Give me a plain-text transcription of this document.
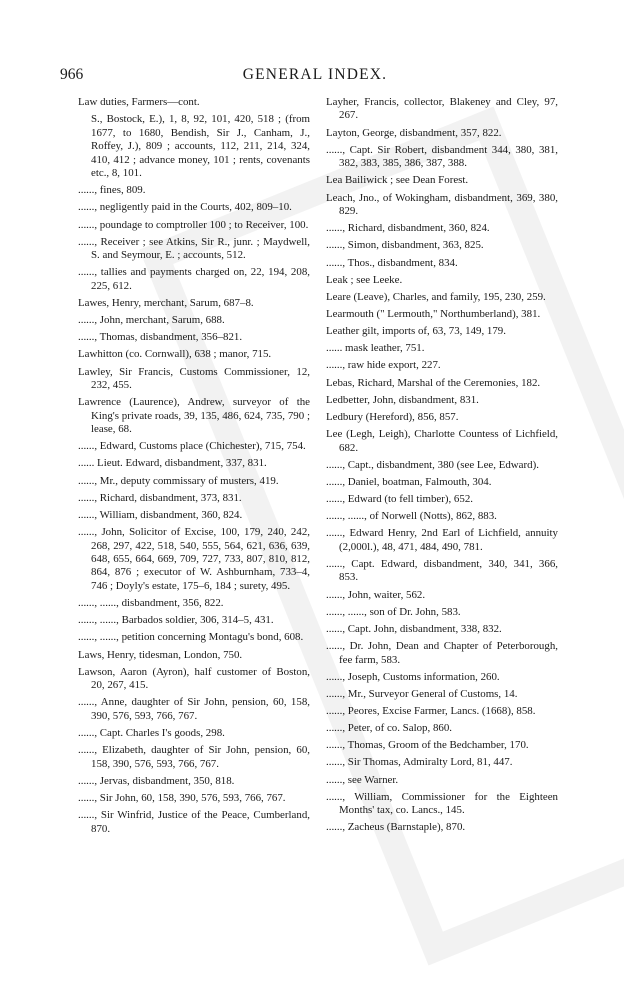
966	GENERAL INDEX.

Law duties, Farmers—cont.

S., Bostock, E.), 1, 8, 92, 101, 420, 518 ; (from 1677, to 1680, Bendish, Sir J., Canham, J., Roffey, J.), 809 ; accounts, 112, 211, 214, 324, 410, 412 ; advance money, 101 ; rents, covenants etc., 8, 101.

......, fines, 809.

......, negligently paid in the Courts, 402, 809–10.

......, poundage to comptroller 100 ; to Receiver, 100.

......, Receiver ; see Atkins, Sir R., junr. ; Maydwell, S. and Seymour, E. ; accounts, 512.

......, tallies and payments charged on, 22, 194, 208, 225, 612.

Lawes, Henry, merchant, Sarum, 687–8.

......, John, merchant, Sarum, 688.

......, Thomas, disbandment, 356–821.

Lawhitton (co. Cornwall), 638 ; manor, 715.

Lawley, Sir Francis, Customs Commissioner, 12, 232, 455.

Lawrence (Laurence), Andrew, surveyor of the King's private roads, 39, 135, 486, 624, 735, 790 ; lease, 68.

......, Edward, Customs place (Chichester), 715, 754.

...... Lieut. Edward, disbandment, 337, 831.

......, Mr., deputy commissary of musters, 419.

......, Richard, disbandment, 373, 831.

......, William, disbandment, 360, 824.

......, John, Solicitor of Excise, 100, 179, 240, 242, 268, 297, 422, 518, 540, 555, 564, 621, 636, 639, 648, 655, 664, 669, 709, 727, 733, 807, 810, 812, 864, 876 ; executor of W. Ashburnham, 733–4, 746 ; Doyly's estate, 175–6, 184 ; surety, 495.

......, ......, disbandment, 356, 822.

......, ......, Barbados soldier, 306, 314–5, 431.

......, ......, petition concerning Montagu's bond, 608.

Laws, Henry, tidesman, London, 750.

Lawson, Aaron (Ayron), half customer of Boston, 20, 267, 415.

......, Anne, daughter of Sir John, pension, 60, 158, 390, 576, 593, 766, 767.

......, Capt. Charles I's goods, 298.

......, Elizabeth, daughter of Sir John, pension, 60, 158, 390, 576, 593, 766, 767.

......, Jervas, disbandment, 350, 818.

......, Sir John, 60, 158, 390, 576, 593, 766, 767.

......, Sir Winfrid, Justice of the Peace, Cumberland, 870.

Layher, Francis, collector, Blakeney and Cley, 97, 267.

Layton, George, disbandment, 357, 822.

......, Capt. Sir Robert, disbandment 344, 380, 381, 382, 383, 385, 386, 387, 388.

Lea Bailiwick ; see Dean Forest.

Leach, Jno., of Wokingham, disbandment, 369, 380, 829.

......, Richard, disbandment, 360, 824.

......, Simon, disbandment, 363, 825.

......, Thos., disbandment, 834.

Leak ; see Leeke.

Leare (Leave), Charles, and family, 195, 230, 259.

Learmouth (" Lermouth," Northumberland), 381.

Leather gilt, imports of, 63, 73, 149, 179.

...... mask leather, 751.

......, raw hide export, 227.

Lebas, Richard, Marshal of the Ceremonies, 182.

Ledbetter, John, disbandment, 831.

Ledbury (Hereford), 856, 857.

Lee (Legh, Leigh), Charlotte Countess of Lichfield, 682.

......, Capt., disbandment, 380 (see Lee, Edward).

......, Daniel, boatman, Falmouth, 304.

......, Edward (to fell timber), 652.

......, ......, of Norwell (Notts), 862, 883.

......, Edward Henry, 2nd Earl of Lichfield, annuity (2,000l.), 48, 471, 484, 490, 781.

......, Capt. Edward, disbandment, 340, 341, 366, 853.

......, John, waiter, 562.

......, ......, son of Dr. John, 583.

......, Capt. John, disbandment, 338, 832.

......, Dr. John, Dean and Chapter of Peterborough, fee farm, 583.

......, Joseph, Customs information, 260.

......, Mr., Surveyor General of Customs, 14.

......, Peores, Excise Farmer, Lancs. (1668), 858.

......, Peter, of co. Salop, 860.

......, Thomas, Groom of the Bedchamber, 170.

......, Sir Thomas, Admiralty Lord, 81, 447.

......, see Warner.

......, William, Commissioner for the Eighteen Months' tax, co. Lancs., 145.

......, Zacheus (Barnstaple), 870.
